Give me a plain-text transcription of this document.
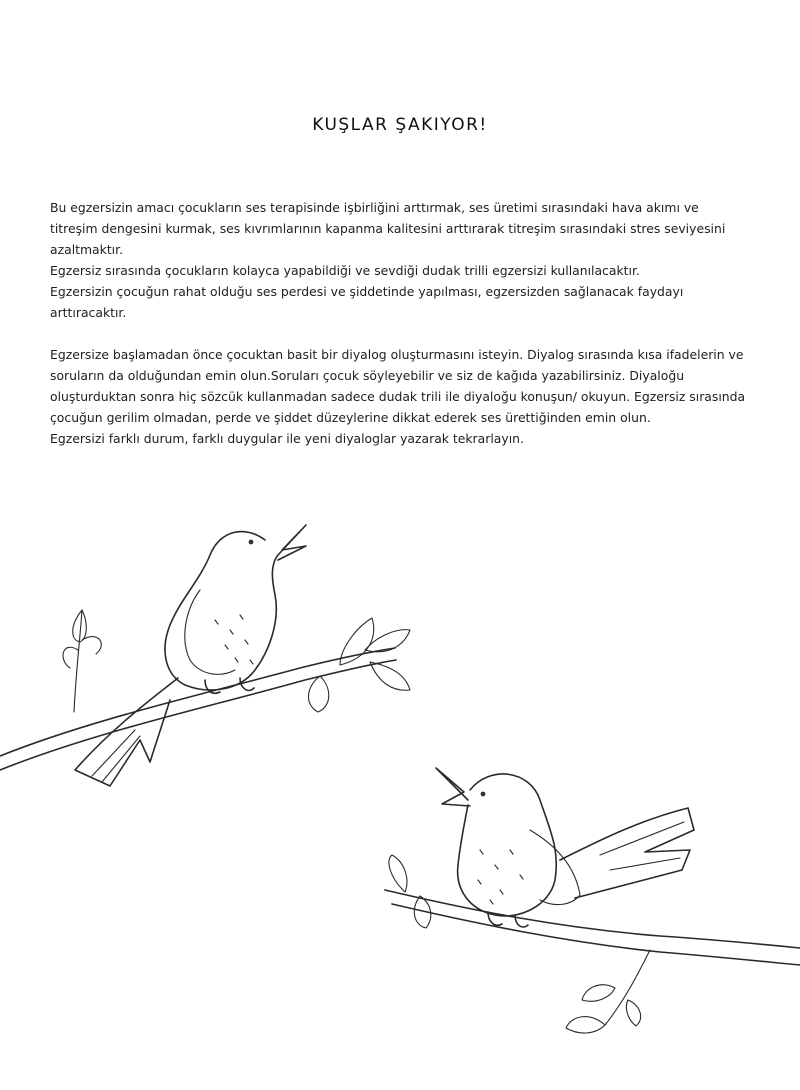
KUŞLAR ŞAKIYOR!

Bu egzersizin amacı çocukların ses terapisinde işbirliğini arttırmak, ses üretimi sırasındaki hava akımı ve titreşim dengesini kurmak, ses kıvrımlarının kapanma kalitesini arttırarak titreşim sırasındaki stres seviyesini azaltmaktır.

Egzersiz sırasında çocukların kolayca yapabildiği ve sevdiği dudak trilli egzersizi kullanılacaktır.

Egzersizin çocuğun rahat olduğu ses perdesi ve şiddetinde yapılması, egzersizden sağlanacak faydayı arttıracaktır.

Egzersize başlamadan önce çocuktan basit bir diyalog oluşturmasını isteyin. Diyalog sırasında kısa ifadelerin ve soruların da olduğundan emin olun.Soruları çocuk söyleyebilir ve siz de kağıda yazabilirsiniz. Diyaloğu oluşturduktan sonra hiç sözcük kullanmadan sadece dudak trili ile diyaloğu konuşun/ okuyun. Egzersiz sırasında çocuğun gerilim olmadan, perde ve şiddet düzeylerine dikkat ederek ses ürettiğinden emin olun.

Egzersizi farklı durum, farklı duygular ile yeni diyaloglar yazarak tekrarlayın.
